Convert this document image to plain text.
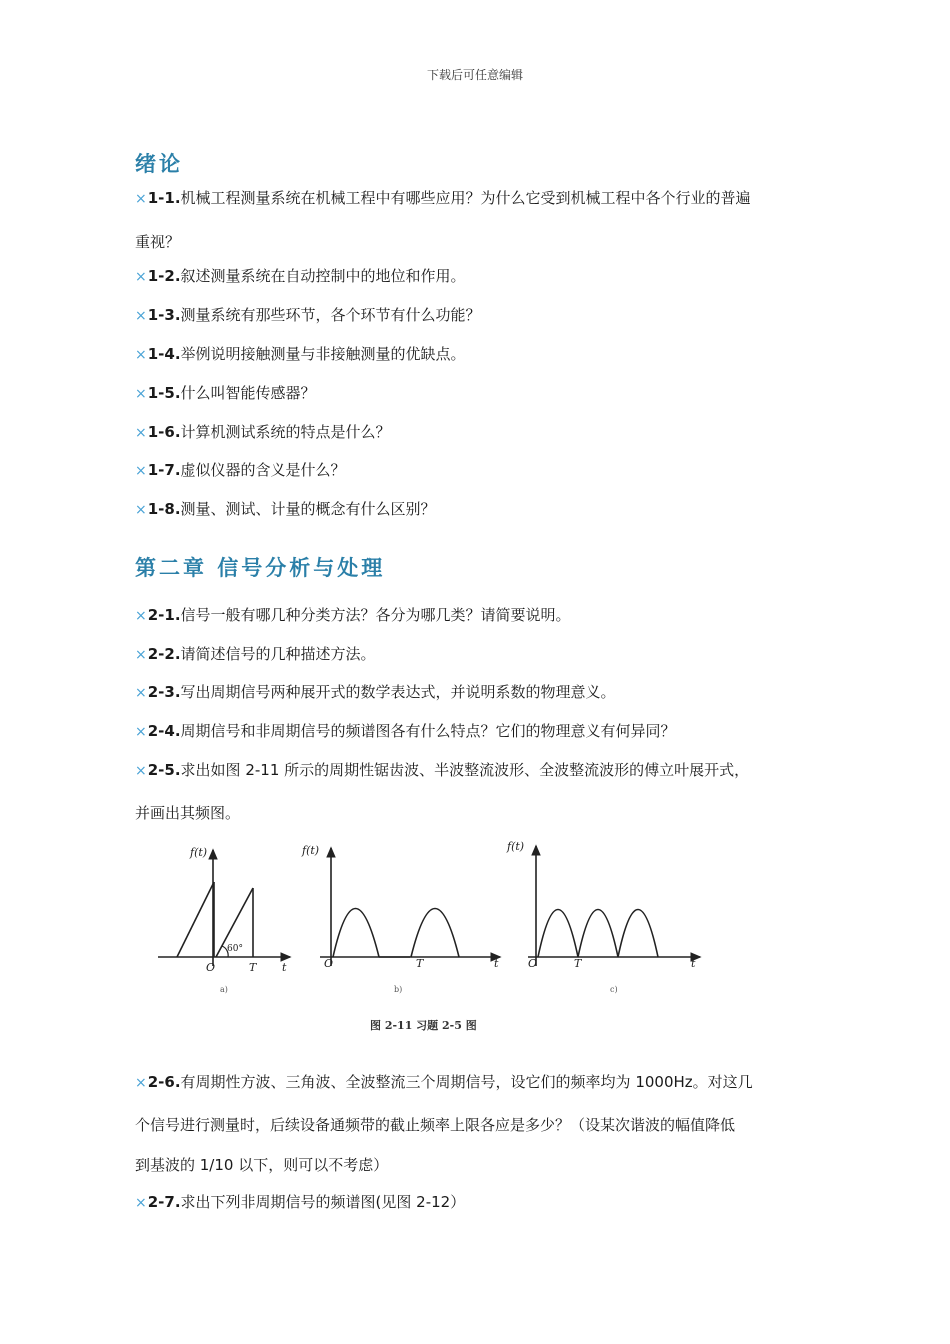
下载后可任意编辑
绪论
×1-1.机械工程测量系统在机械工程中有哪些应用？为什么它受到机械工程中各个行业的普遍
重视？
×1-2.叙述测量系统在自动控制中的地位和作用。
×1-3.测量系统有那些环节，各个环节有什么功能？
×1-4.举例说明接触测量与非接触测量的优缺点。
×1-5.什么叫智能传感器？
×1-6.计算机测试系统的特点是什么？
×1-7.虚似仪器的含义是什么？
×1-8.测量、测试、计量的概念有什么区别？
第二章 信号分析与处理
×2-1.信号一般有哪几种分类方法？各分为哪几类？请简要说明。
×2-2.请简述信号的几种描述方法。
×2-3.写出周期信号两种展开式的数学表达式，并说明系数的物理意义。
×2-4.周期信号和非周期信号的频谱图各有什么特点？它们的物理意义有何异同？
×2-5.求出如图 2-11 所示的周期性锯齿波、半波整流波形、全波整流波形的傅立叶展开式，
并画出其频图。
f(t)	f(t)	f(t)
O	T t
60°
O	T	t	O	T	t
a)	b)	c)
图 2-11 习题 2-5 图
×2-6.有周期性方波、三角波、全波整流三个周期信号，设它们的频率均为 1000Hz。对这几
个信号进行测量时，后续设备通频带的截止频率上限各应是多少？（设某次谐波的幅值降低
到基波的 1/10 以下，则可以不考虑）
×2-7.求出下列非周期信号的频谱图(见图 2-12）
